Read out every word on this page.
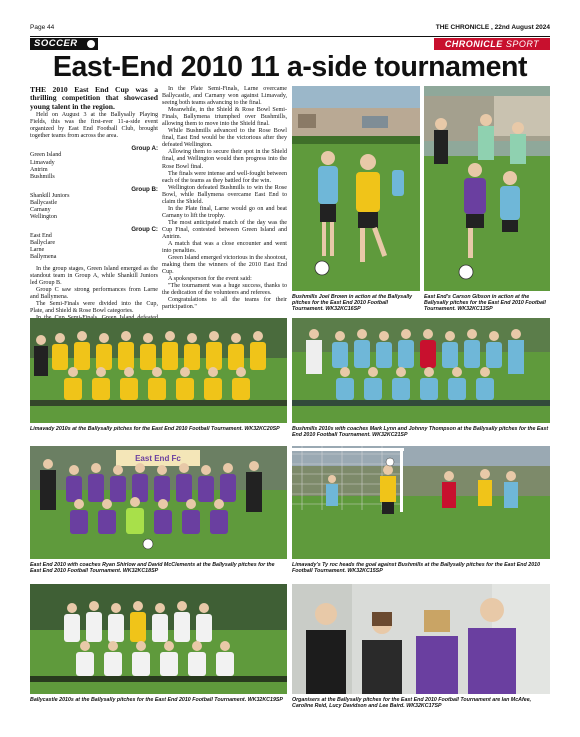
Page 44	THE CHRONICLE , 22nd August 2024
SOCCER	CHRONICLE SPORT
East-End 2010 11 a-side tournament

THE 2010 East End Cup was a thrilling competition that showcased young talent in the region.

Held on August 3 at the Ballysally Playing Fields, this was the first-ever 11-a-side event organized by East End Football Club, brought together teams from across the area.

Group A:
Green Island
Limavady
Antrim
Bushmills
Group B:
Shankill Juniors
Ballycastle
Carnany
Wellington
Group C:
East End
Ballyclare
Larne
Ballymena

In the group stages, Green Island emerged as the standout team in Group A, while Shankill Juniors led Group B.

Group C saw strong performances from Larne and Ballymena.

The Semi-Finals were divided into the Cup, Plate, and Shield & Rose Bowl categories.

In the Plate Semi-Finals, Larne overcame Ballycastle, and Carnany won against Limavady, seeing both teams advancing to the final.

Meanwhile, in the Shield & Rose Bowl Semi-Finals, Ballymena triumphed over Bushmills, allowing them to move into the Shield final.

While Bushmills advanced to the Rose Bowl final, East End would be the victorious after they defeated Wellington.

Allowing them to secure their spot in the Shield final, and Wellington would then progress into the Rose Bowl final.

The finals were intense and well-fought between each of the teams as they battled for the win.

Wellington defeated Bushmills to win the Rose Bowl, while Ballymena overcame East End to claim the Shield.

In the Plate final, Larne would go on and beat Carnany to lift the trophy.

The most anticipated match of the day was the Cup Final, contested between Green Island and Antrim.

A match that was a close encounter and went into penalties.

Green Island emerged victorious in the shootout, making them the winners of the 2010 East End Cup.

A spokesperson for the event said:

"The tournament was a huge success, thanks to the dedication of the volunteers and referees.

Congratulations to all the teams for their participation."

Bushmills Joel Brown in action at the Ballysally pitches for the East End 2010 Football Tournament. WK32KC16SP
East End's Carson Gibson in action at the Ballysally pitches for the East End 2010 Football Tournament. WK32KC13SP
Limavady 2010s at the Ballysally pitches for the East End 2010 Football Tournament. WK32KC20SP	Bushmills 2010s with coaches Mark Lynn and Johnny Thompson at the Ballysally pitches for the East End 2010 Football Tournament. WK32KC21SP
East End Fc
East End 2010 with coaches Ryan Shirlow and David McClements at the Ballysally pitches for the East End 2010 Football Tournament. WK32KC18SP
Limavady's Ty roc heads the goal against Bushmills at the Ballysally pitches for the East End 2010 Football Tournament. WK32KC15SP
Ballycastle 2010s at the Ballysally pitches for the East End 2010 Football Tournament. WK32KC19SP	Organisers at the Ballysally pitches for the East End 2010 Football Tournament are Ian McAfee, Caroline Reid, Lucy Davidson and Lee Baird. WK32KC17SP
